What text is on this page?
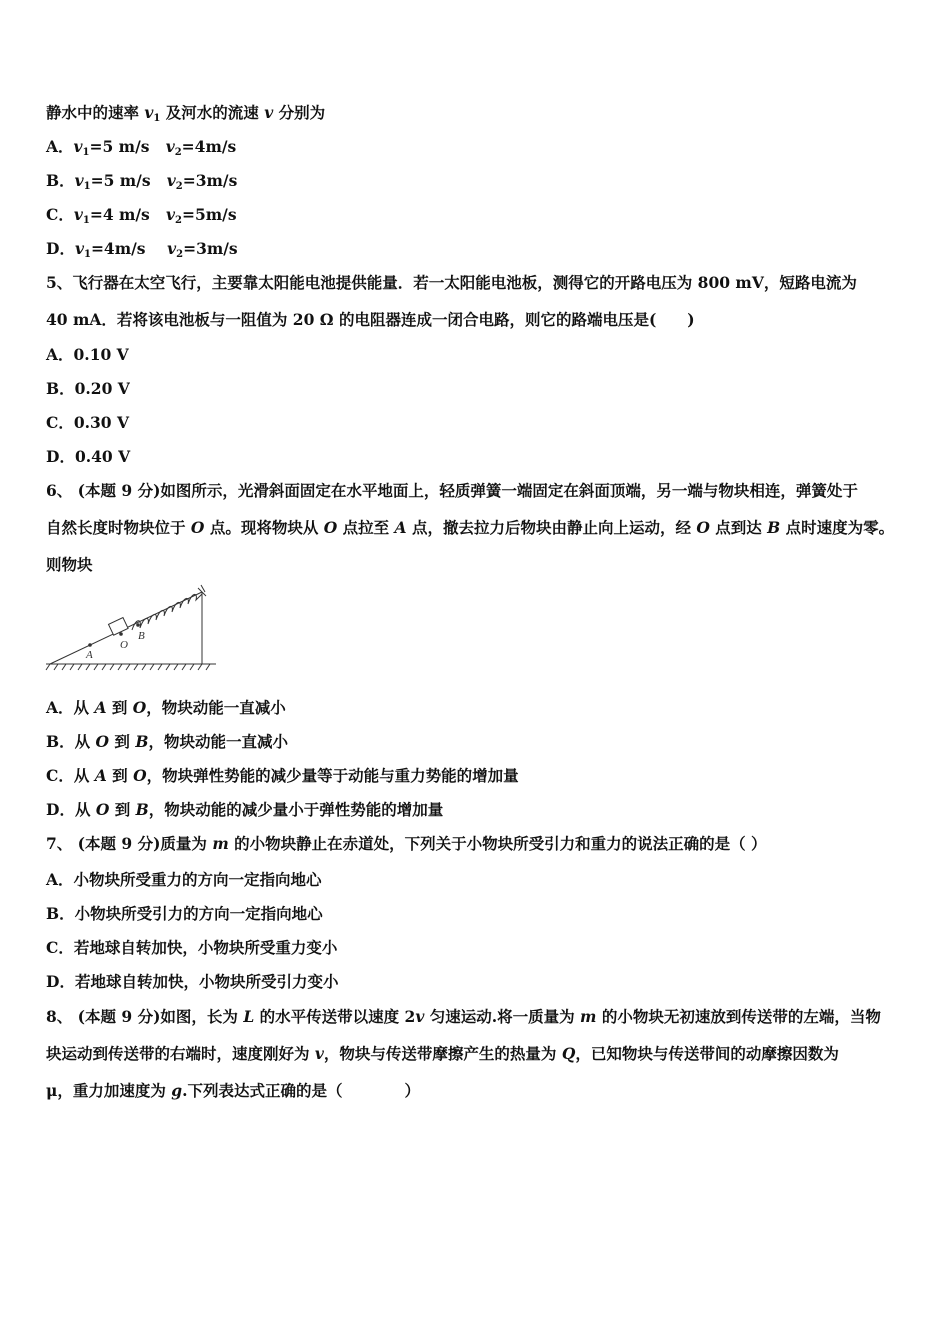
静水中的速率 $v_1$ 及河水的流速 v 分别为
A．$v_1=5$ m/s $v_2=4m/s$
B．$v_1=5$ m/s $v_2=3m/s$
C．$v_1=4$ m/s $v_2=5m/s$
D．$v_1=4m/s$ $v_2=3m/s$
5、飞行器在太空飞行，主要靠太阳能电池提供能量．若一太阳能电池板，测得它的开路电压为 800 mV，短路电流为
40 mA．若将该电池板与一阻值为 20 Ω 的电阻器连成一闭合电路，则它的路端电压是(　　)
A．0.10 V
B．0.20 V
C．0.30 V
D．0.40 V
6、 (本题 9 分)如图所示，光滑斜面固定在水平地面上，轻质弹簧一端固定在斜面顶端，另一端与物块相连，弹簧处于
自然长度时物块位于 O 点。现将物块从 O 点拉至 A 点，撤去拉力后物块由静止向上运动，经 O 点到达 B 点时速度为零。
则物块
O
A
B
A．从 A 到 O，物块动能一直减小
B．从 O 到 B，物块动能一直减小
C．从 A 到 O，物块弹性势能的减少量等于动能与重力势能的增加量
D．从 O 到 B，物块动能的减少量小于弹性势能的增加量
7、 (本题 9 分)质量为 m 的小物块静止在赤道处，下列关于小物块所受引力和重力的说法正确的是（ ）
A．小物块所受重力的方向一定指向地心
B．小物块所受引力的方向一定指向地心
C．若地球自转加快，小物块所受重力变小
D．若地球自转加快，小物块所受引力变小
8、 (本题 9 分)如图，长为 L 的水平传送带以速度 2v 匀速运动.将一质量为 m 的小物块无初速放到传送带的左端，当物
块运动到传送带的右端时，速度刚好为 v，物块与传送带摩擦产生的热量为 Q，已知物块与传送带间的动摩擦因数为
μ，重力加速度为 g.下列表达式正确的是（　　　　）
